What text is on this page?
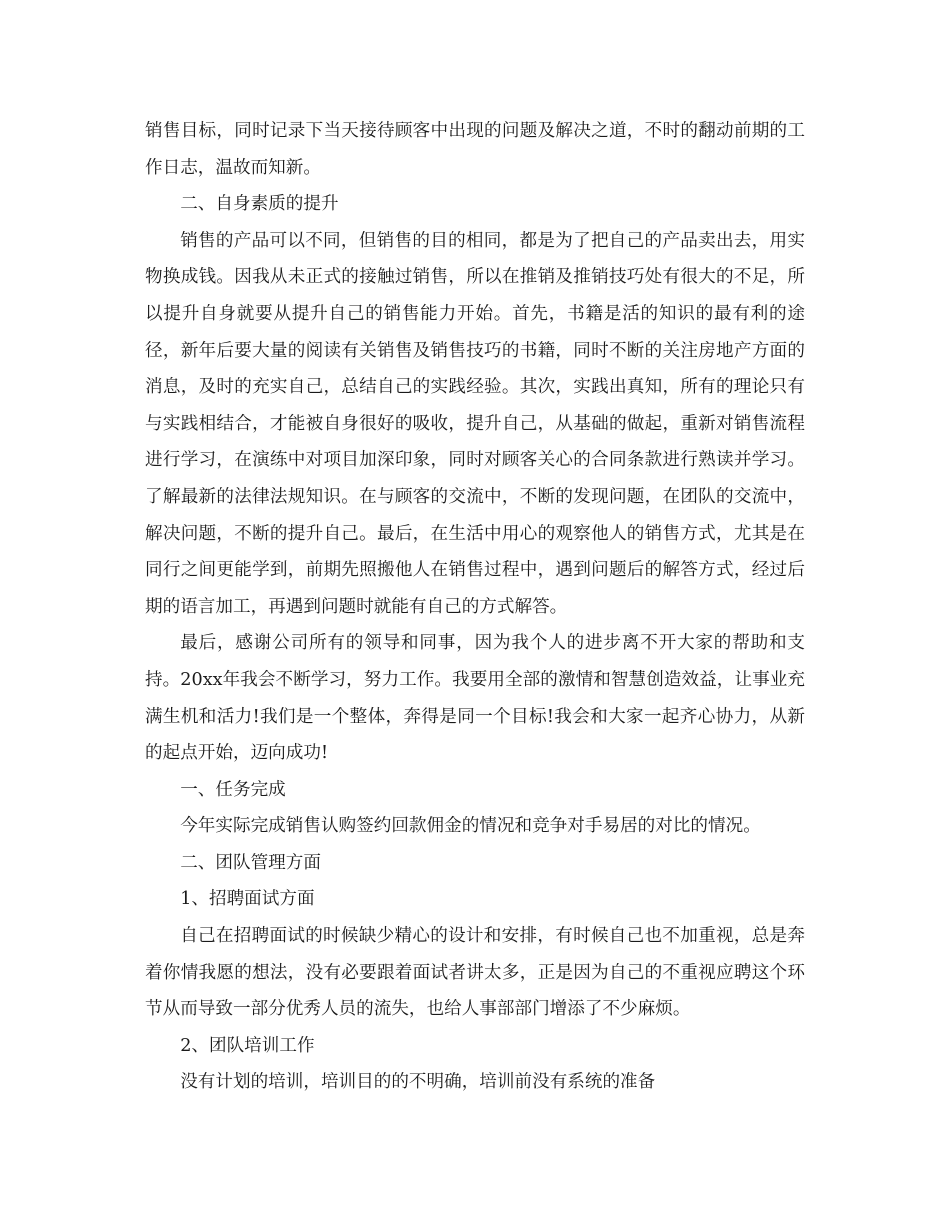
销售目标，同时记录下当天接待顾客中出现的问题及解决之道，不时的翻动前期的工作日志，温故而知新。

二、自身素质的提升

销售的产品可以不同，但销售的目的相同，都是为了把自己的产品卖出去，用实物换成钱。因我从未正式的接触过销售，所以在推销及推销技巧处有很大的不足，所以提升自身就要从提升自己的销售能力开始。首先，书籍是活的知识的最有利的途径，新年后要大量的阅读有关销售及销售技巧的书籍，同时不断的关注房地产方面的消息，及时的充实自己，总结自己的实践经验。其次，实践出真知，所有的理论只有与实践相结合，才能被自身很好的吸收，提升自己，从基础的做起，重新对销售流程进行学习，在演练中对项目加深印象，同时对顾客关心的合同条款进行熟读并学习。了解最新的法律法规知识。在与顾客的交流中，不断的发现问题，在团队的交流中，解决问题，不断的提升自己。最后，在生活中用心的观察他人的销售方式，尤其是在同行之间更能学到，前期先照搬他人在销售过程中，遇到问题后的解答方式，经过后期的语言加工，再遇到问题时就能有自己的方式解答。

最后，感谢公司所有的领导和同事，因为我个人的进步离不开大家的帮助和支持。20xx年我会不断学习，努力工作。我要用全部的激情和智慧创造效益，让事业充满生机和活力!我们是一个整体，奔得是同一个目标!我会和大家一起齐心协力，从新的起点开始，迈向成功!

一、任务完成

今年实际完成销售认购签约回款佣金的情况和竞争对手易居的对比的情况。

二、团队管理方面

1、招聘面试方面

自己在招聘面试的时候缺少精心的设计和安排，有时候自己也不加重视，总是奔着你情我愿的想法，没有必要跟着面试者讲太多，正是因为自己的不重视应聘这个环节从而导致一部分优秀人员的流失，也给人事部部门增添了不少麻烦。

2、团队培训工作

没有计划的培训，培训目的的不明确，培训前没有系统的准备
